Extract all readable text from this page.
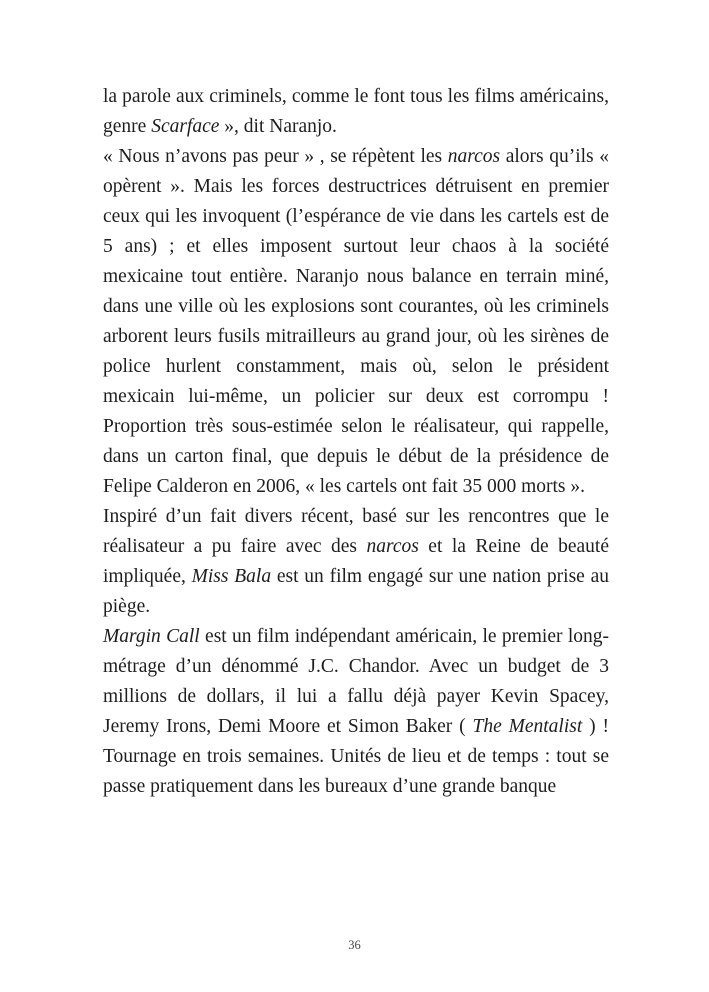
la parole aux criminels, comme le font tous les films américains, genre Scarface », dit Naranjo.

« Nous n’avons pas peur » , se répètent les narcos alors qu’ils « opèrent ». Mais les forces destructrices détruisent en premier ceux qui les invoquent (l’espérance de vie dans les cartels est de 5 ans) ; et elles imposent surtout leur chaos à la société mexicaine tout entière. Naranjo nous balance en terrain miné, dans une ville où les explosions sont courantes, où les criminels arborent leurs fusils mitrailleurs au grand jour, où les sirènes de police hurlent constamment, mais où, selon le président mexicain lui-même, un policier sur deux est corrompu ! Proportion très sous-estimée selon le réalisateur, qui rappelle, dans un carton final, que depuis le début de la présidence de Felipe Calderon en 2006, « les cartels ont fait 35 000 morts ».

Inspiré d’un fait divers récent, basé sur les rencontres que le réalisateur a pu faire avec des narcos et la Reine de beauté impliquée, Miss Bala est un film engagé sur une nation prise au piège.

Margin Call est un film indépendant américain, le premier long-métrage d’un dénommé J.C. Chandor. Avec un budget de 3 millions de dollars, il lui a fallu déjà payer Kevin Spacey, Jeremy Irons, Demi Moore et Simon Baker ( The Mentalist ) ! Tournage en trois semaines. Unités de lieu et de temps : tout se passe pratiquement dans les bureaux d’une grande banque

36
